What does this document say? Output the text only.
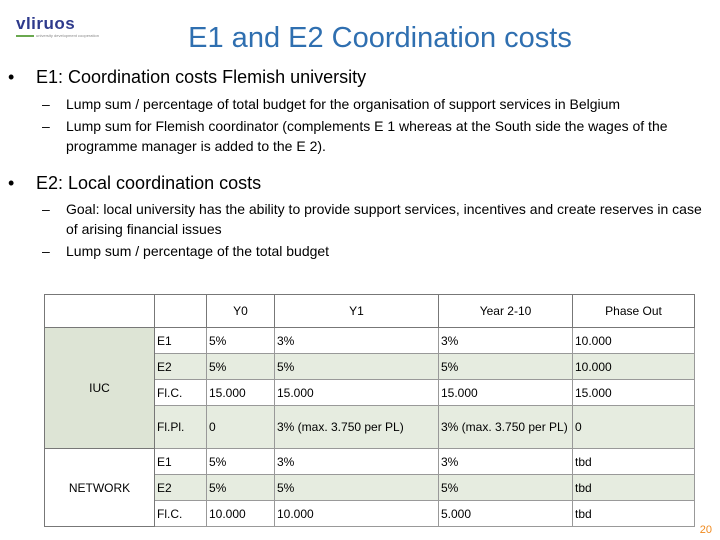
vliruos
university development cooperation	E1 and E2 Coordination costs
• E1: Coordination costs Flemish university
– Lump sum / percentage of total budget for the organisation of support services in Belgium
– Lump sum for Flemish coordinator (complements E 1 whereas at the South side the wages of the programme manager is added to the E 2).
• E2: Local coordination costs
– Goal: local university has the ability to provide support services, incentives and create reserves in case of arising financial issues
– Lump sum / percentage of the total budget
		Y0	Y1	Year 2-10	Phase Out
IUC	E1	5%	3%	3%	10.000
	E2	5%	5%	5%	10.000
	Fl.C.	15.000	15.000	15.000	15.000
	Fl.Pl.	0	3% (max. 3.750 per PL)	3% (max. 3.750 per PL)	0
NETWORK	E1	5%	3%	3%	tbd
	E2	5%	5%	5%	tbd
	Fl.C.	10.000	10.000	5.000	tbd
20
